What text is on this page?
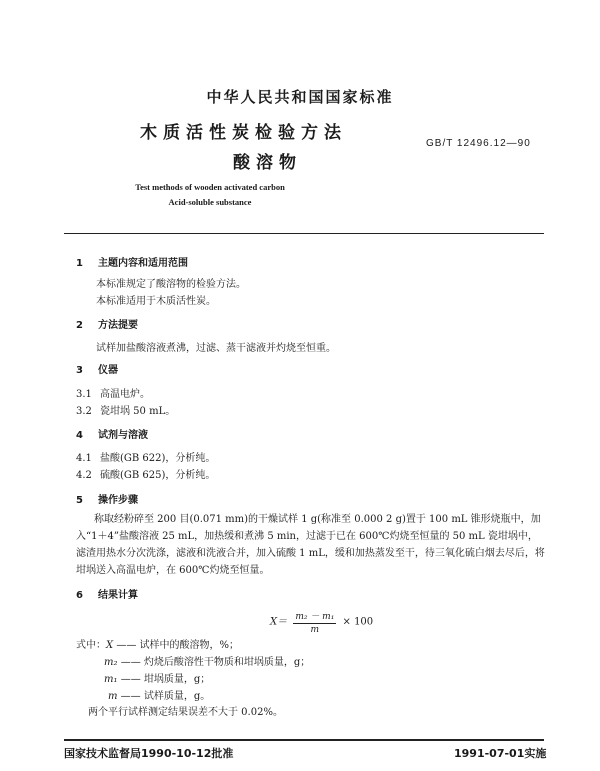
中华人民共和国国家标准
木质活性炭检验方法
酸溶物
GB/T 12496.12—90
Test methods of wooden activated carbon
Acid-soluble substance
1 主题内容和适用范围
本标准规定了酸溶物的检验方法。
本标准适用于木质活性炭。
2 方法提要
试样加盐酸溶液煮沸，过滤、蒸干滤液并灼烧至恒重。
3 仪器
3.1 高温电炉。
3.2 瓷坩埚 50 mL。
4 试剂与溶液
4.1 盐酸(GB 622)，分析纯。
4.2 硫酸(GB 625)，分析纯。
5 操作步骤
称取经粉碎至 200 目(0.071 mm)的干燥试样 1 g(称准至 0.000 2 g)置于 100 mL 锥形烧瓶中，加入“1＋4”盐酸溶液 25 mL，加热缓和煮沸 5 min，过滤于已在 600℃灼烧至恒量的 50 mL 瓷坩埚中，滤渣用热水分次洗涤，滤液和洗液合并，加入硫酸 1 mL，缓和加热蒸发至干，待三氧化硫白烟去尽后，将坩埚送入高温电炉，在 600℃灼烧至恒量。
6 结果计算
$X= \frac{\text{m₂ － m₁}}{m} \times 100$
式中：X —— 试样中的酸溶物，%；
m₂ —— 灼烧后酸溶性干物质和坩埚质量，g；
m₁ —— 坩埚质量，g；
m —— 试样质量，g。
两个平行试样测定结果误差不大于 0.02%。
国家技术监督局1990-10-12批准	1991-07-01实施
